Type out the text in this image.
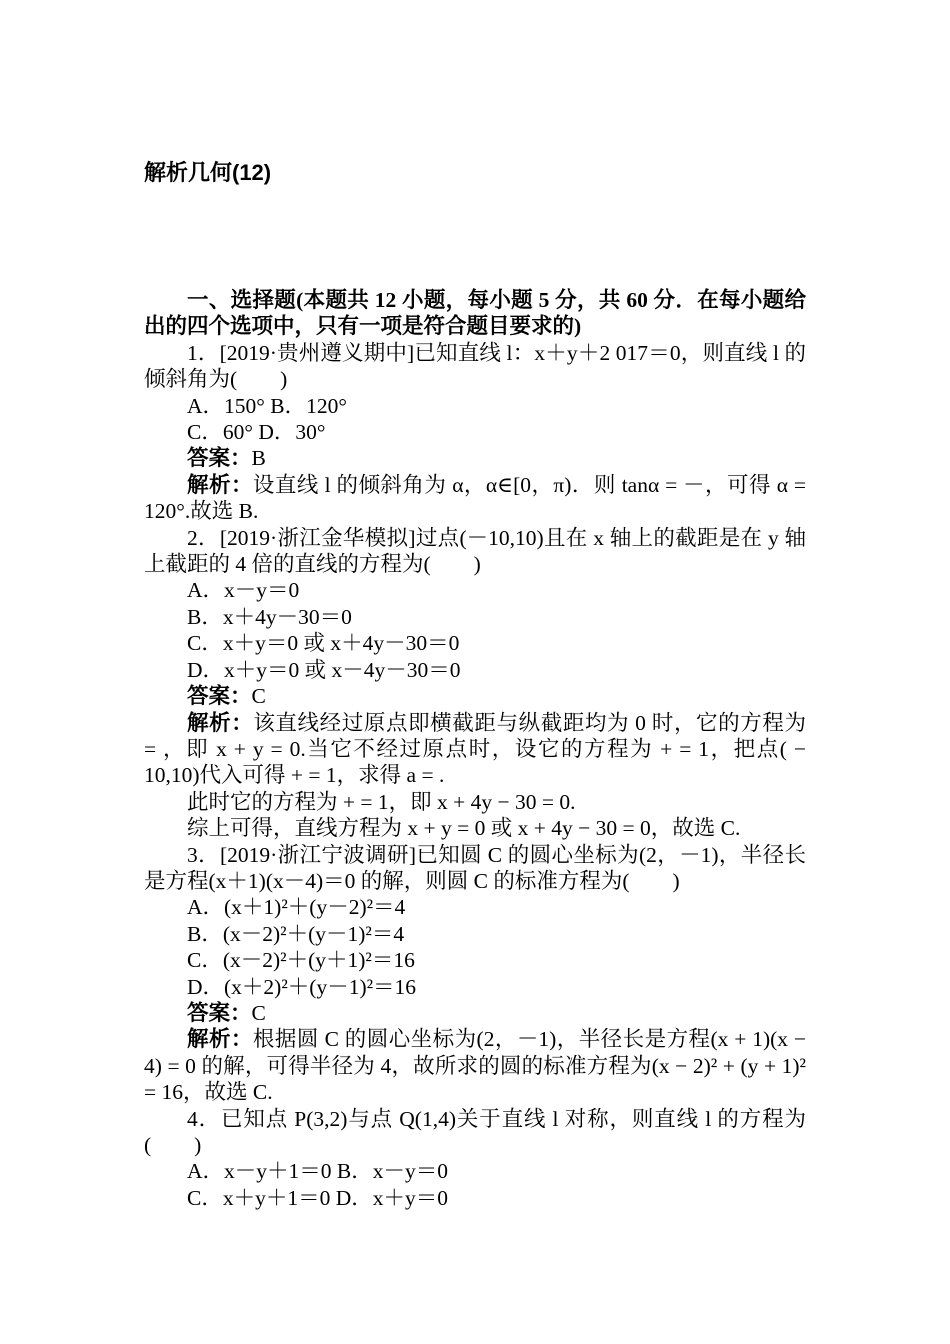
解析几何(12)
一、选择题(本题共 12 小题，每小题 5 分，共 60 分．在每小题给出的四个选项中，只有一项是符合题目要求的)
1．[2019·贵州遵义期中]已知直线 l：x＋y＋2 017＝0，则直线 l 的倾斜角为(　　)
A．150° B．120°
C．60° D．30°
答案：B
解析：设直线 l 的倾斜角为 α，α∈[0，π)．则 tanα = －，可得 α = 120°.故选 B.
2．[2019·浙江金华模拟]过点(－10,10)且在 x 轴上的截距是在 y 轴上截距的 4 倍的直线的方程为(　　)
A．x－y＝0
B．x＋4y－30＝0
C．x＋y＝0 或 x＋4y－30＝0
D．x＋y＝0 或 x－4y－30＝0
答案：C
解析：该直线经过原点即横截距与纵截距均为 0 时，它的方程为 = ，即 x + y = 0.当它不经过原点时，设它的方程为 + = 1，把点( − 10,10)代入可得 + = 1，求得 a = .
此时它的方程为 + = 1，即 x + 4y − 30 = 0.
综上可得，直线方程为 x + y = 0 或 x + 4y − 30 = 0，故选 C.
3．[2019·浙江宁波调研]已知圆 C 的圆心坐标为(2，－1)，半径长是方程(x＋1)(x－4)＝0 的解，则圆 C 的标准方程为(　　)
A．(x＋1)²＋(y－2)²＝4
B．(x－2)²＋(y－1)²＝4
C．(x－2)²＋(y＋1)²＝16
D．(x＋2)²＋(y－1)²＝16
答案：C
解析：根据圆 C 的圆心坐标为(2，－1)，半径长是方程(x + 1)(x − 4) = 0 的解，可得半径为 4，故所求的圆的标准方程为(x − 2)² + (y + 1)² = 16，故选 C.
4．已知点 P(3,2)与点 Q(1,4)关于直线 l 对称，则直线 l 的方程为(　　)
A．x－y＋1＝0 B．x－y＝0
C．x＋y＋1＝0 D．x＋y＝0
